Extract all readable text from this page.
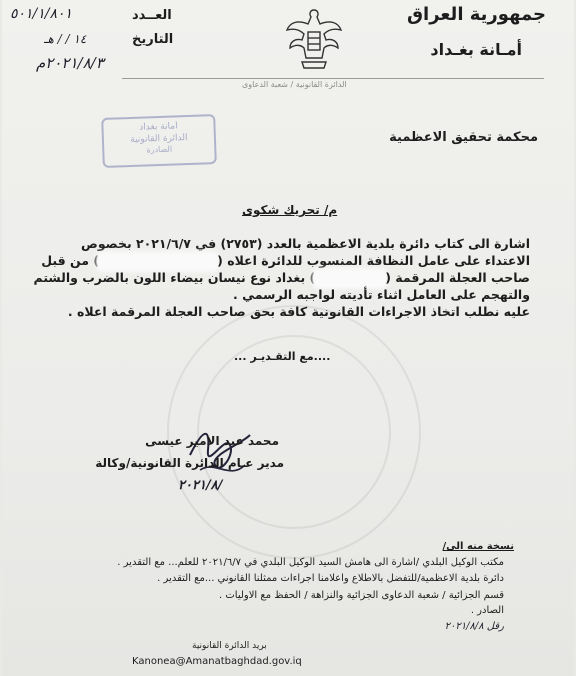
جمهورية العراق
أمـانة بغـداد
العــدد
٥٠١/١/٨٠١
التاريخ
١٤ / / هـ
٢٠٢١/٨/٣م
الدائرة القانونية / شعبة الدعاوى
امانة بغداد
الدائرة القانونية
الصادرة
محكمة تحقيق الاعظمية
م/ تحريك شكوى
اشارة الى كتاب دائرة بلدية الاعظمية بالعدد (٢٧٥٣) في ٢٠٢١/٦/٧ بخصوص
الاعتداء على عامل النظافة المنسوب للدائرة اعلاه () من قبل
صاحب العجلة المرقمة () بغداد نوع نيسان بيضاء اللون بالضرب والشتم
والتهجم على العامل اثناء تأديته لواجبه الرسمي .
عليه نطلب اتخاذ الاجراءات القانونية كافة بحق صاحب العجلة المرقمة اعلاه .
....مع التقـديـر ...
محمد عبد الامير عيسى
مدير عـام الدائرة القانونية/وكالة
٢٠٢١/٨/
نسخة منه الى/
مكتب الوكيل البلدي /اشارة الى هامش السيد الوكيل البلدي في ٢٠٢١/٦/٧ للعلم... مع التقدير .
دائرة بلدية الاعظمية/للتفضل بالاطلاع واعلامنا اجراءات ممثلنا القانوني ...مع التقدير .
قسم الجزائية / شعبة الدعاوى الجزائية والنزاهة / الحفظ مع الاوليات .
الصادر .
رقل ٢٠٢١/٨/٨
بريد الدائرة القانونية
Kanonea@Amanatbaghdad.gov.iq
